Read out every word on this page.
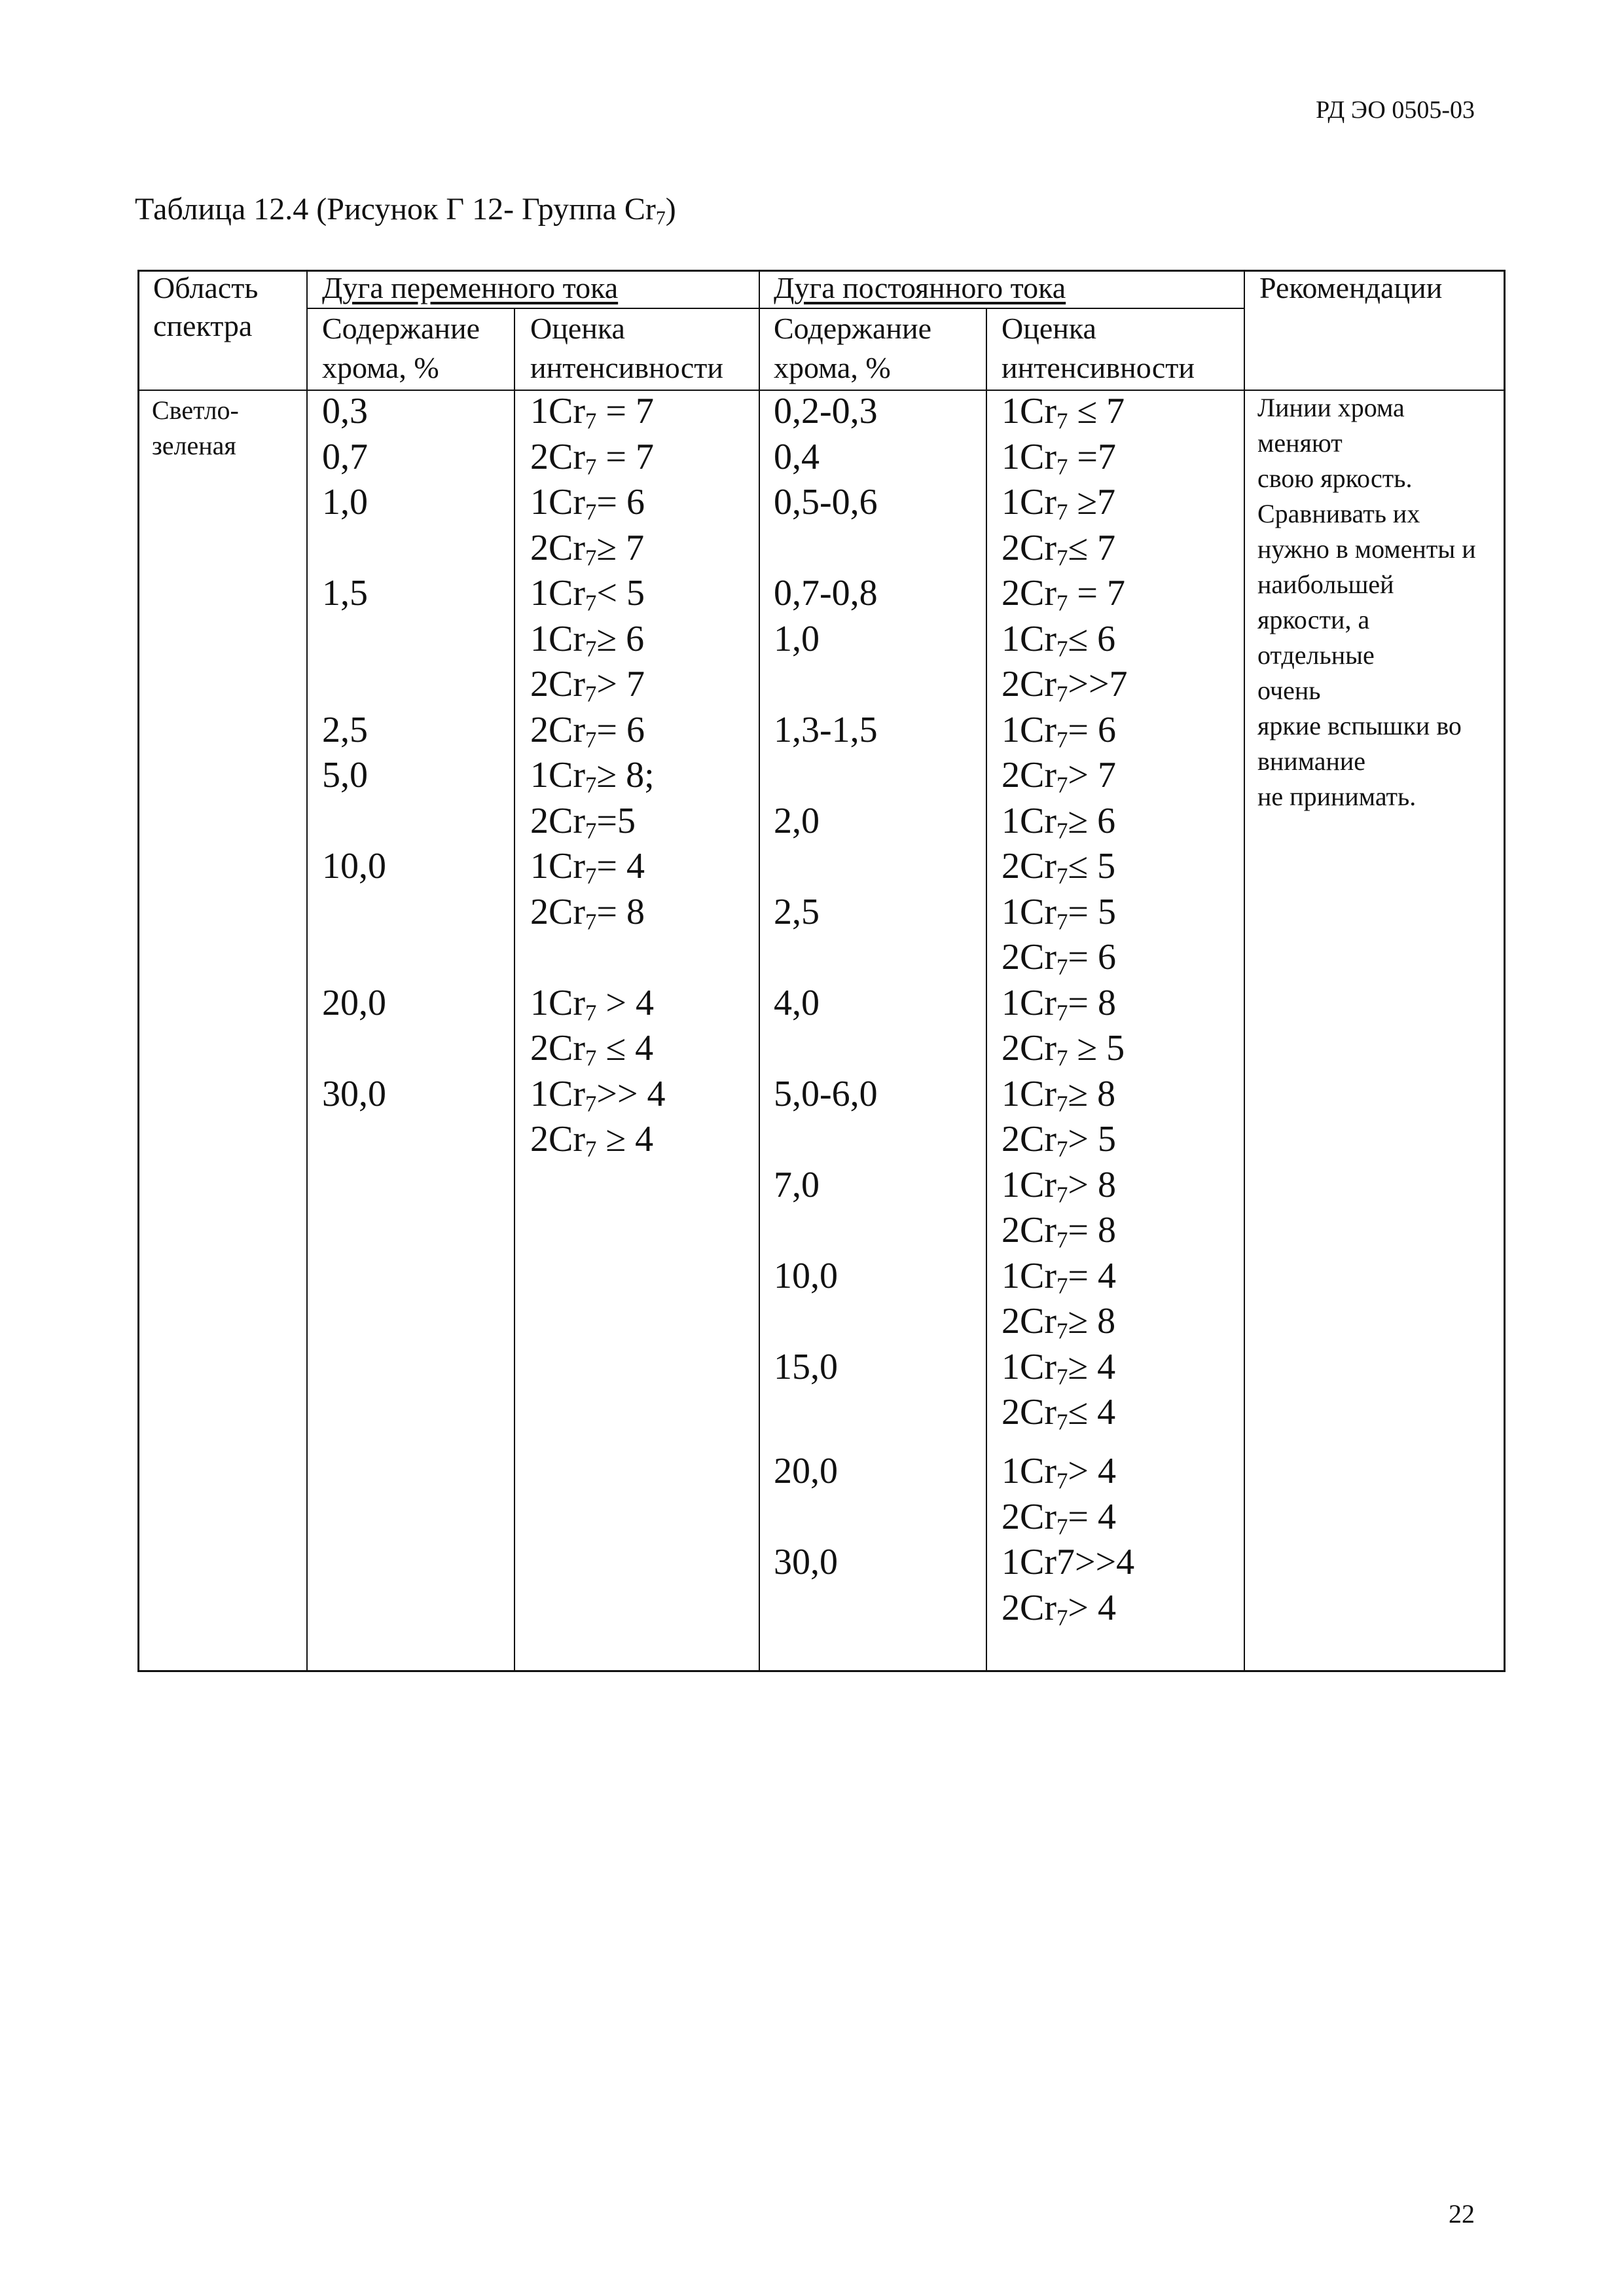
РД ЭО 0505-03
Таблица 12.4 (Рисунок Г 12- Группа $Cr_7$)
Область
спектра
Дуга переменного тока	Дуга постоянного тока	Рекомендации
Содержание
хрома, %
Оценка
интенсивности
Содержание
хрома, %
Оценка
интенсивности
Светло-
зеленая
Линии хрома
меняют
свою яркость.
Сравнивать их
нужно в моменты и
наибольшей
яркости, а
отдельные
очень
яркие вспышки во
внимание
не принимать.
0,3
0,7
1,0
1,5
2,5
5,0
10,0
20,0
30,0
0,2-0,3
0,4
0,5-0,6
0,7-0,8
1,0
1,3-1,5
2,0
2,5
4,0
5,0-6,0
7,0
10,0
15,0
20,0
30,0
$1Cr_7 = 7$
$2Cr_7 = 7$
$1Cr_7= 6$
$2Cr_7\ge 7$
$1Cr_7< 5$
$1Cr_7\ge 6$
$2Cr_7> 7$
$2Cr_7= 6$
$1Cr_7\ge 8$;
$2Cr_7=5$
$1Cr_7= 4$
$2Cr_7= 8$
$1Cr_7 > 4$
$2Cr_7 \le 4$
$1Cr_7>> 4$
$2Cr_7 \ge 4$
$1Cr_7 \le 7$
$1Cr_7 =7$
$1Cr_7 \ge 7$
$2Cr_7\le 7$
$2Cr_7 = 7$
$1Cr_7\le 6$
$2Cr_7>>7$
$1Cr_7= 6$
$2Cr_7> 7$
$1Cr_7\ge 6$
$2Cr_7\le 5$
$1Cr_7= 5$
$2Cr_7= 6$
$1Cr_7= 8$
$2Cr_7 \ge 5$
$1Cr_7\ge 8$
$2Cr_7> 5$
$1Cr_7> 8$
$2Cr_7= 8$
$1Cr_7= 4$
$2Cr_7\ge 8$
$1Cr_7\ge 4$
$2Cr_7\le 4$
$1Cr_7> 4$
$2Cr_7= 4$
1Cr7>>4
$2Cr_7> 4$
22
